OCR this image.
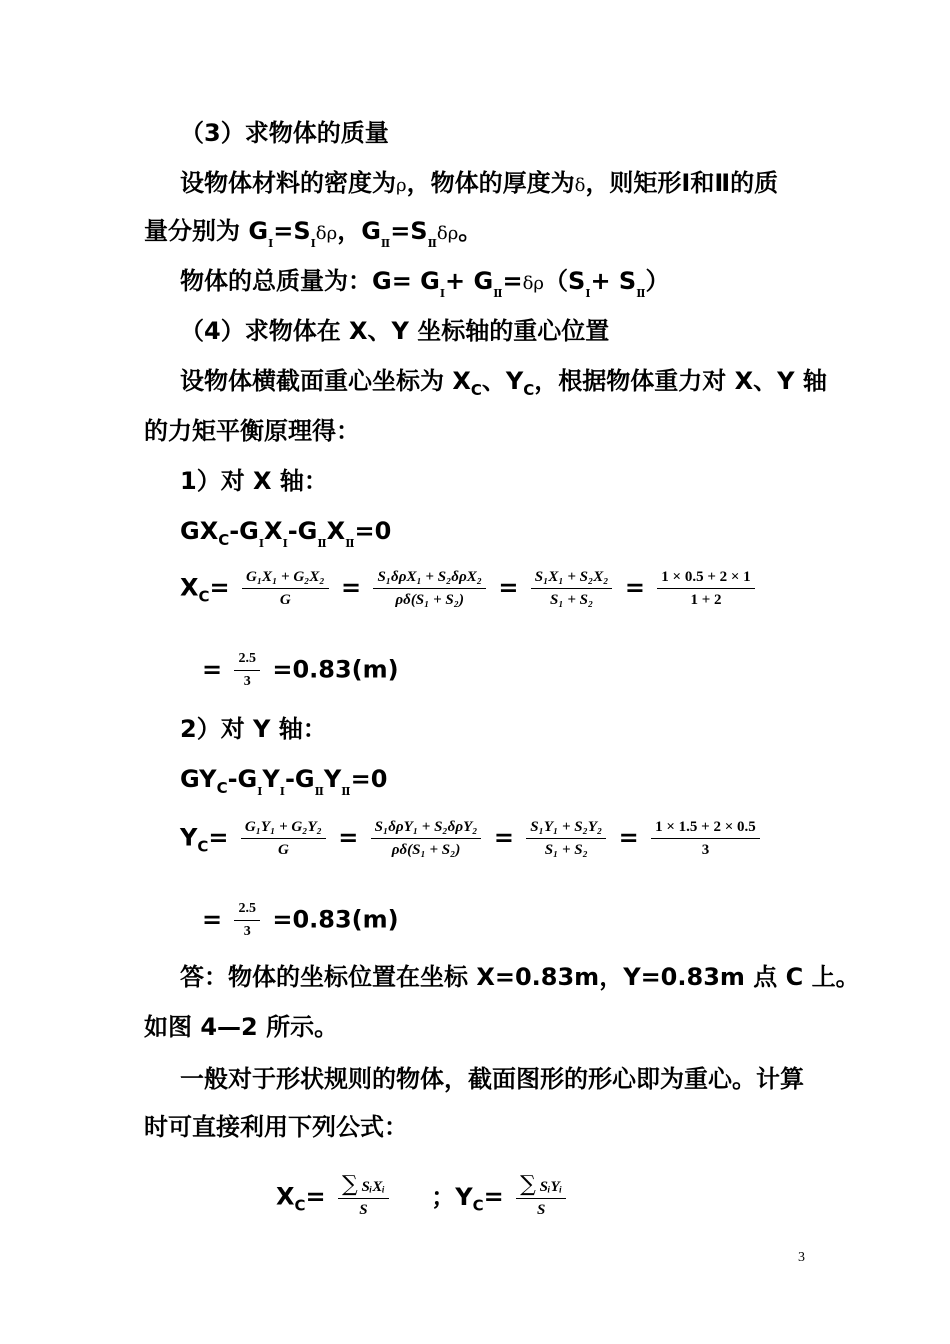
（3）求物体的质量
设物体材料的密度为ρ，物体的厚度为δ，则矩形Ⅰ和Ⅱ的质
量分别为 $G_Ⅰ=S_Ⅰ\delta\rho$，$G_Ⅱ=S_Ⅱ\delta\rho$。
物体的总质量为：$G= G_Ⅰ+ G_Ⅱ=\delta\rho(S_Ⅰ+ S_Ⅱ)$
（4）求物体在 X、Y 坐标轴的重心位置
设物体横截面重心坐标为 $X_C$、$Y_C$，根据物体重力对 X、Y 轴
的力矩平衡原理得：
1）对 X 轴：
$GX_C-G_ⅠX_Ⅰ-G_ⅡX_Ⅱ=0$
$X_C= \frac{\text{G₁X₁ + G₂X₂}}{G} = \frac{\text{S₁δρX₁ + S₂δρX₂}}{\text{ρδ(S₁ + S₂)}} = \frac{\text{S₁X₁ + S₂X₂}}{\text{S₁ + S₂}} = \frac{1 \times 0.5 + 2 \times 1}{1 + 2}$
= $\frac{2.5}{3} =0.83(m)$
2）对 Y 轴：
$GY_C-G_ⅠY_Ⅰ-G_ⅡY_Ⅱ=0$
$Y_C= \frac{\text{G₁Y₁ + G₂Y₂}}{G} = \frac{\text{S₁δρY₁ + S₂δρY₂}}{\text{ρδ(S₁ + S₂)}} = \frac{\text{S₁Y₁ + S₂Y₂}}{\text{S₁ + S₂}} = \frac{1 \times 1.5 + 2 \times 0.5}{3}$
= $\frac{2.5}{3} =0.83(m)$
答：物体的坐标位置在坐标 X=0.83m，Y=0.83m 点 C 上。
如图 4—2 所示。
一般对于形状规则的物体，截面图形的形心即为重心。计算
时可直接利用下列公式：
$X_C= \frac{\text{∑ SᵢXᵢ}}{S}$ ；$Y_C= \frac{\text{∑ SᵢYᵢ}}{S}$
3
